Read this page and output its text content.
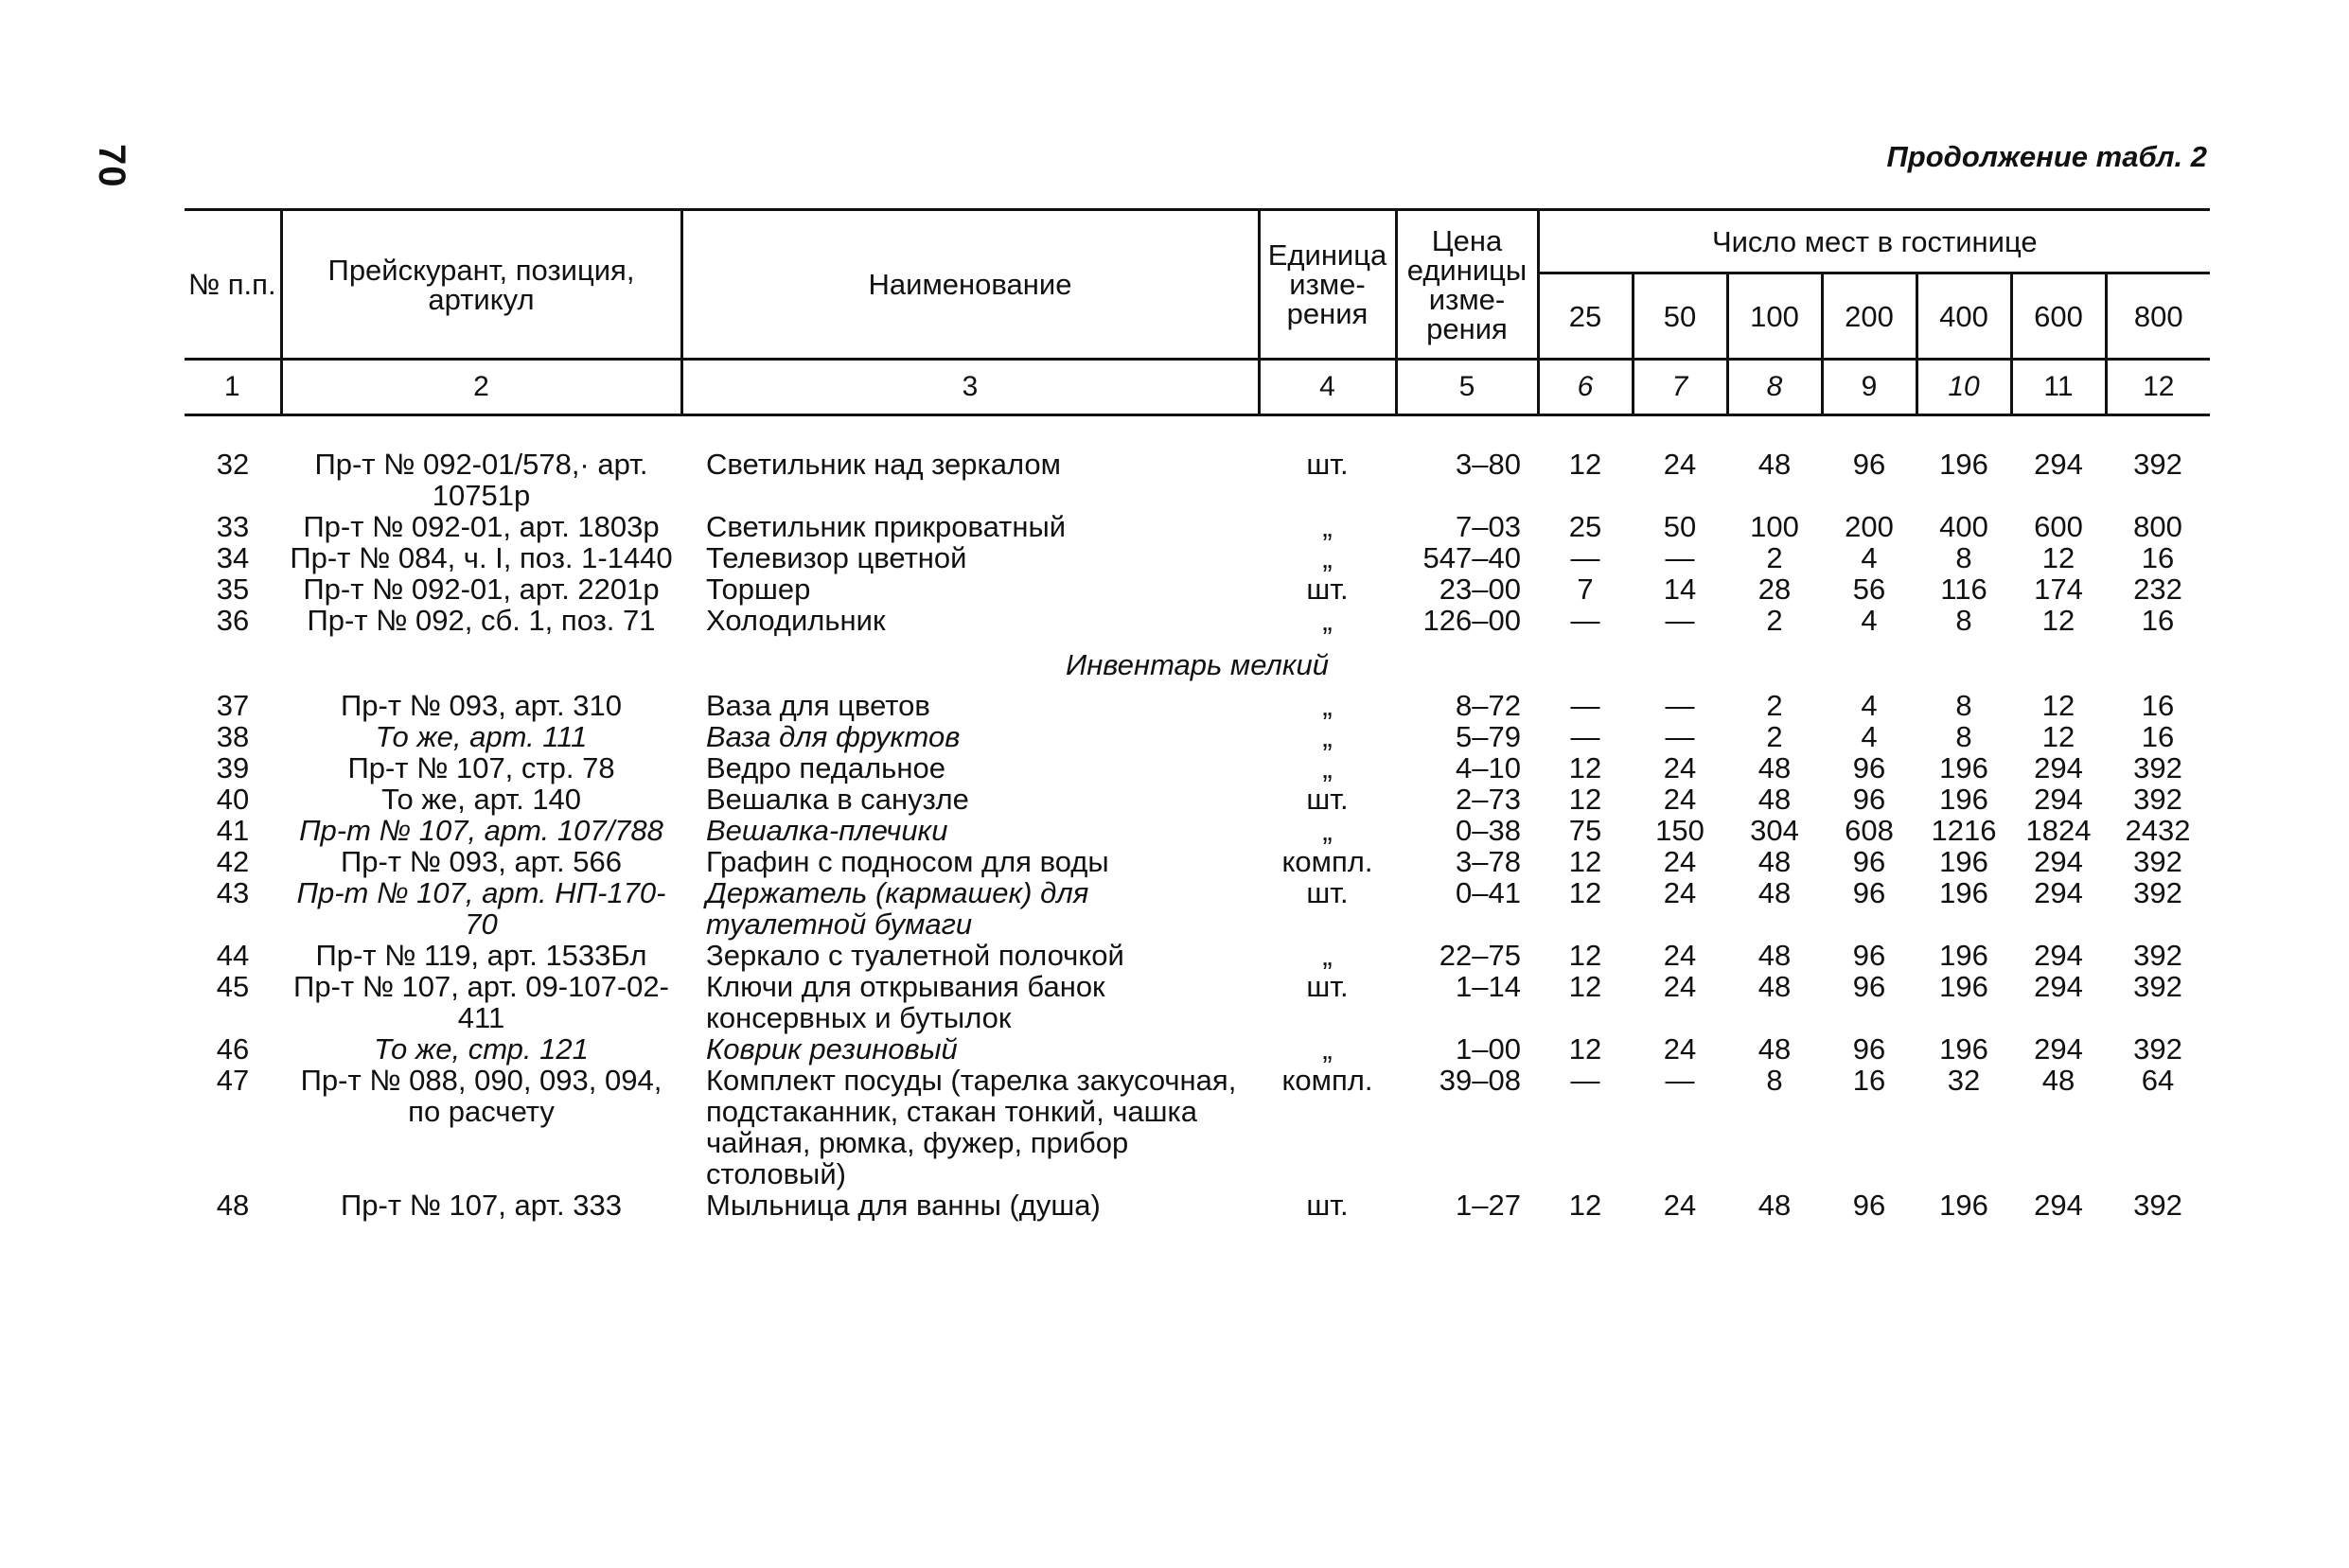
70	Продолжение табл. 2
№ п.п.	Прейскурант, позиция, артикул	Наименование	Единица изме-рения	Цена единицы изме-рения	Число мест в гостинице						
					25	50	100	200	400	600	800
1	2	3	4	5	6	7	8	9	10	11	12

32	Пр-т № 092-01/578,· арт. 10751р	Светильник над зеркалом	шт.	3–80	12	24	48	96	196	294	392
33	Пр-т № 092-01, арт. 1803р	Светильник прикроватный	„	7–03	25	50	100	200	400	600	800
34	Пр-т № 084, ч. I, поз. 1-1440	Телевизор цветной	„	547–40	—	—	2	4	8	12	16
35	Пр-т № 092-01, арт. 2201р	Торшер	шт.	23–00	7	14	28	56	116	174	232
36	Пр-т № 092, сб. 1, поз. 71	Холодильник	„	126–00	—	—	2	4	8	12	16
Инвентарь мелкий											
37	Пр-т № 093, арт. 310	Ваза для цветов	„	8–72	—	—	2	4	8	12	16
38	То же, арт. 111	Ваза для фруктов	„	5–79	—	—	2	4	8	12	16
39	Пр-т № 107, стр. 78	Ведро педальное	„	4–10	12	24	48	96	196	294	392
40	То же, арт. 140	Вешалка в санузле	шт.	2–73	12	24	48	96	196	294	392
41	Пр-т № 107, арт. 107/788	Вешалка-плечики	„	0–38	75	150	304	608	1216	1824	2432
42	Пр-т № 093, арт. 566	Графин с подносом для воды	компл.	3–78	12	24	48	96	196	294	392
43	Пр-т № 107, арт. НП-170-70	Держатель (кармашек) для туалетной бумаги	шт.	0–41	12	24	48	96	196	294	392
44	Пр-т № 119, арт. 1533Бл	Зеркало с туалетной полочкой	„	22–75	12	24	48	96	196	294	392
45	Пр-т № 107, арт. 09-107-02-411	Ключи для открывания банок консервных и бутылок	шт.	1–14	12	24	48	96	196	294	392
46	То же, стр. 121	Коврик резиновый	„	1–00	12	24	48	96	196	294	392
47	Пр-т № 088, 090, 093, 094, по расчету	Комплект посуды (тарелка закусочная, подстаканник, стакан тонкий, чашка чайная, рюмка, фужер, прибор столовый)	компл.	39–08	—	—	8	16	32	48	64
48	Пр-т № 107, арт. 333	Мыльница для ванны (душа)	шт.	1–27	12	24	48	96	196	294	392
